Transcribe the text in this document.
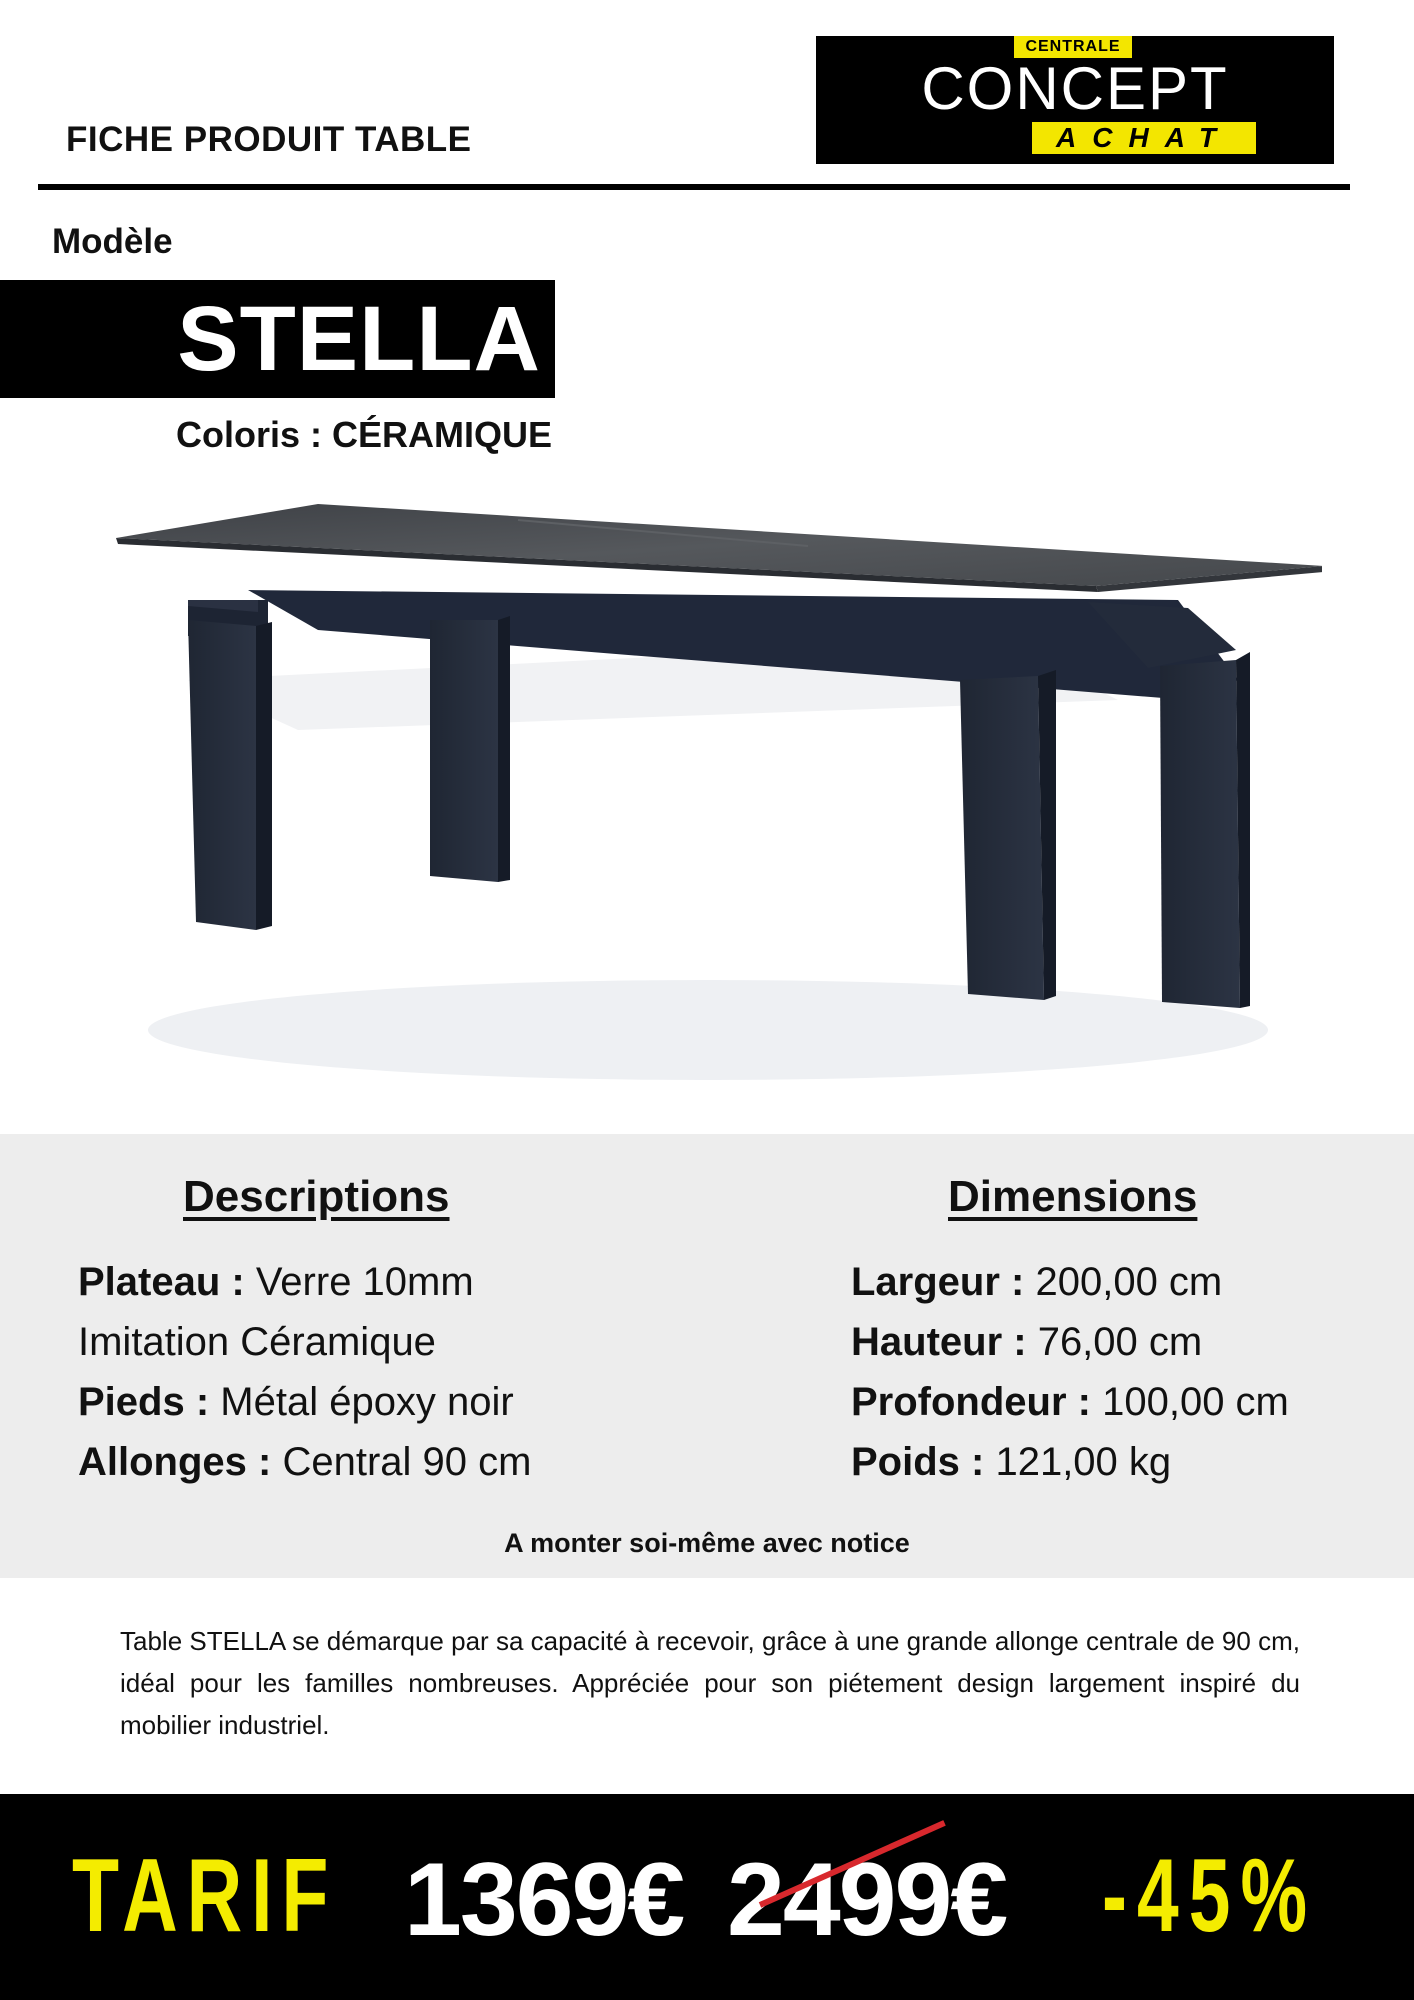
FICHE PRODUIT TABLE
CENTRALE
CONCEPT
ACHAT
Modèle
STELLA
Coloris : CÉRAMIQUE
Descriptions	Dimensions
Plateau : Verre 10mm
Imitation Céramique
Pieds : Métal époxy noir
Allonges : Central 90 cm
Largeur : 200,00 cm
Hauteur : 76,00 cm
Profondeur : 100,00 cm
Poids : 121,00 kg
A monter soi-même avec notice
Table STELLA se démarque par sa capacité à recevoir, grâce à une grande allonge centrale de 90 cm, idéal pour les familles nombreuses. Appréciée pour son piétement design largement inspiré du mobilier industriel.
TARIF 1369€ 2499€ -45%
